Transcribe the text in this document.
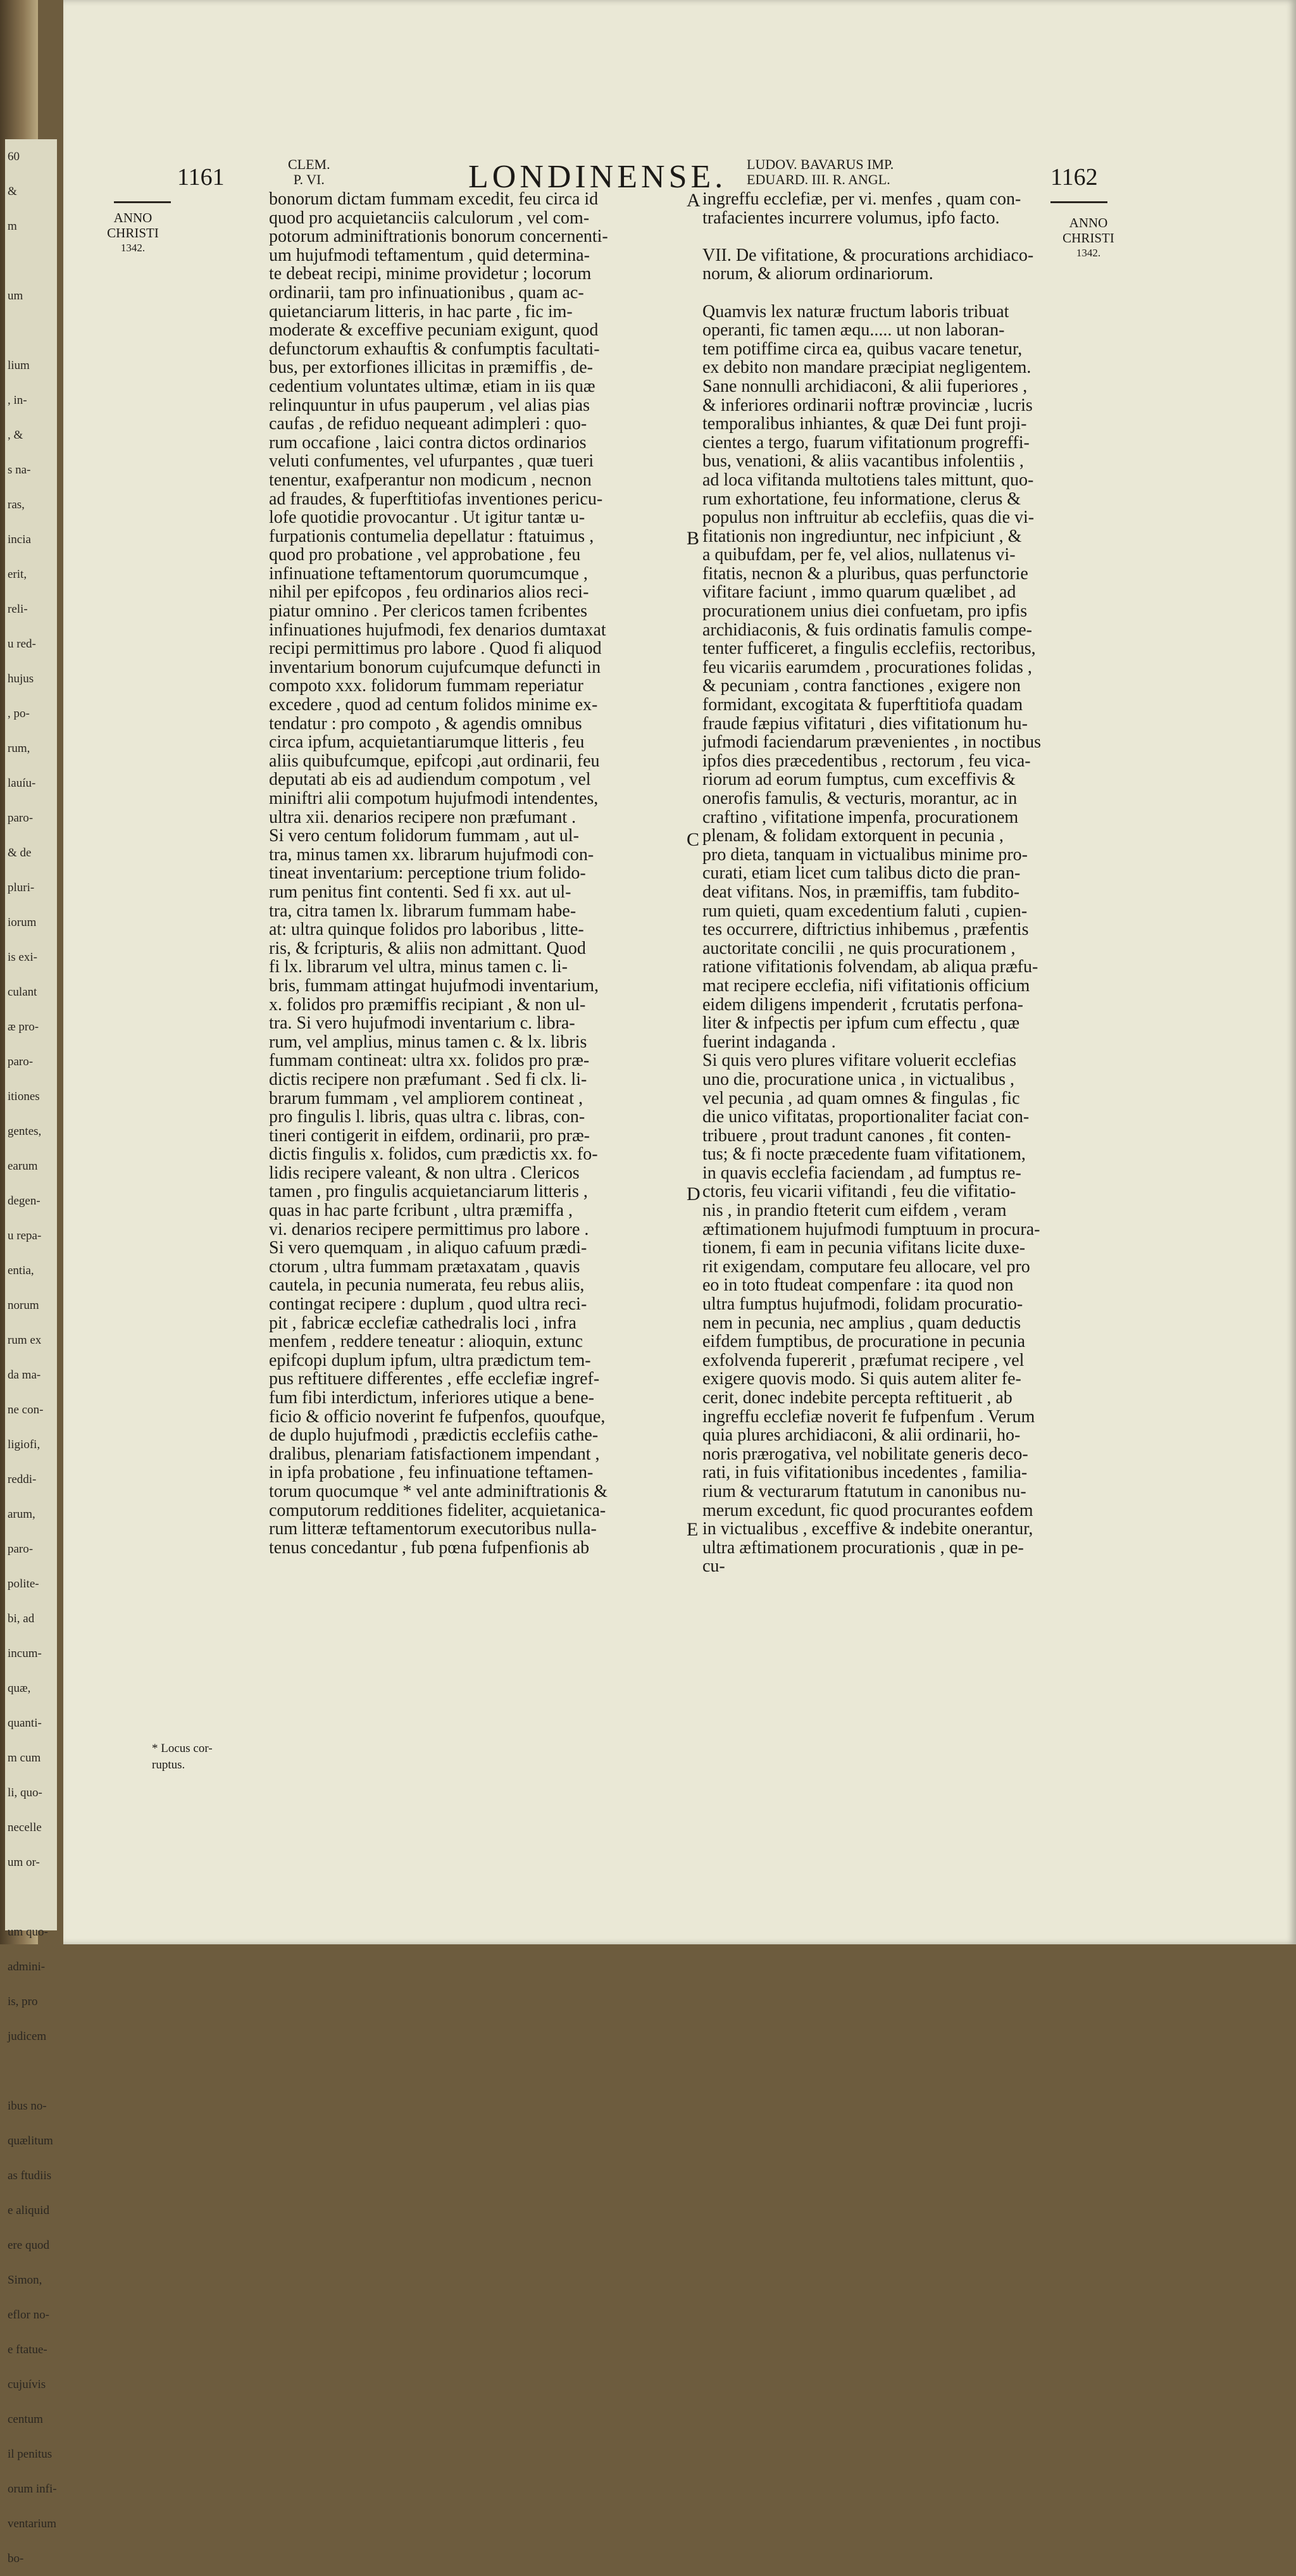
60
&
m

um

lium
, in-
, &
s na-
ras,
incia
erit,
reli-
u red-
hujus
, po-
rum,
lauíu-
paro-
& de
pluri-
iorum
is exi-
culant
æ pro-
paro-
itiones
gentes,
earum
degen-
u repa-
entia,
norum
rum ex
da ma-
ne con-
ligiofi,
reddi-
arum,
paro-
polite-
bi, ad
incum-
quæ,
quanti-
m cum
li, quo-
necelle
um or-

um quo-
admini-
is, pro
judicem

ibus no-
quælitum
as ftudiis
e aliquid
ere quod
Simon,
eflor no-
e ftatue-
cujuívis
centum
il penitus
orum infi-
ventarium
bo-
1161	CLEM.
P. VI.	LONDINENSE. LUDOV. BAVARUS IMP.
EDUARD. III. R. ANGL.	1162
ANNO
CHRISTI
1342.
ANNO
CHRISTI
1342.
bonorum dictam fummam excedit, feu circa id
quod pro acquietanciis calculorum , vel com-
potorum adminiftrationis bonorum concernenti-
um hujufmodi teftamentum , quid determina-
te debeat recipi, minime providetur ; locorum
ordinarii, tam pro infinuationibus , quam ac-
quietanciarum litteris, in hac parte , fic im-
moderate & exceffive pecuniam exigunt, quod
defunctorum exhauftis & confumptis facultati-
bus, per extorfiones illicitas in præmiffis , de-
cedentium voluntates ultimæ, etiam in iis quæ
relinquuntur in ufus pauperum , vel alias pias
caufas , de refiduo nequeant adimpleri : quo-
rum occafione , laici contra dictos ordinarios
veluti confumentes, vel ufurpantes , quæ tueri
tenentur, exafperantur non modicum , necnon
ad fraudes, & fuperftitiofas inventiones pericu-
lofe quotidie provocantur . Ut igitur tantæ u-
furpationis contumelia depellatur : ftatuimus ,
quod pro probatione , vel approbatione , feu
infinuatione teftamentorum quorumcumque ,
nihil per epifcopos , feu ordinarios alios reci-
piatur omnino . Per clericos tamen fcribentes
infinuationes hujufmodi, fex denarios dumtaxat
recipi permittimus pro labore . Quod fi aliquod
inventarium bonorum cujufcumque defuncti in
compoto xxx. folidorum fummam reperiatur
excedere , quod ad centum folidos minime ex-
tendatur : pro compoto , & agendis omnibus
circa ipfum, acquietantiarumque litteris , feu
aliis quibufcumque, epifcopi ,aut ordinarii, feu
deputati ab eis ad audiendum compotum , vel
miniftri alii compotum hujufmodi intendentes,
ultra xii. denarios recipere non præfumant .
Si vero centum folidorum fummam , aut ul-
tra, minus tamen xx. librarum hujufmodi con-
tineat inventarium: perceptione trium folido-
rum penitus fint contenti. Sed fi xx. aut ul-
tra, citra tamen lx. librarum fummam habe-
at: ultra quinque folidos pro laboribus , litte-
ris, & fcripturis, & aliis non admittant. Quod
fi lx. librarum vel ultra, minus tamen c. li-
bris, fummam attingat hujufmodi inventarium,
x. folidos pro præmiffis recipiant , & non ul-
tra. Si vero hujufmodi inventarium c. libra-
rum, vel amplius, minus tamen c. & lx. libris
fummam contineat: ultra xx. folidos pro præ-
dictis recipere non præfumant . Sed fi clx. li-
brarum fummam , vel ampliorem contineat ,
pro fingulis l. libris, quas ultra c. libras, con-
tineri contigerit in eifdem, ordinarii, pro præ-
dictis fingulis x. folidos, cum prædictis xx. fo-
lidis recipere valeant, & non ultra . Clericos
tamen , pro fingulis acquietanciarum litteris ,
quas in hac parte fcribunt , ultra præmiffa ,
vi. denarios recipere permittimus pro labore .
Si vero quemquam , in aliquo cafuum prædi-
ctorum , ultra fummam prætaxatam , quavis
cautela, in pecunia numerata, feu rebus aliis,
contingat recipere : duplum , quod ultra reci-
pit , fabricæ ecclefiæ cathedralis loci , infra
menfem , reddere teneatur : alioquin, extunc
epifcopi duplum ipfum, ultra prædictum tem-
pus reftituere differentes , effe ecclefiæ ingref-
fum fibi interdictum, inferiores utique a bene-
ficio & officio noverint fe fufpenfos, quoufque,
de duplo hujufmodi , prædictis ecclefiis cathe-
dralibus, plenariam fatisfactionem impendant ,
in ipfa probatione , feu infinuatione teftamen-
torum quocumque * vel ante adminiftrationis &
computorum redditiones fideliter, acquietanica-
rum litteræ teftamentorum executoribus nulla-
tenus concedantur , fub pœna fufpenfionis ab
ingreffu ecclefiæ, per vi. menfes , quam con-
trafacientes incurrere volumus, ipfo facto.

VII. De vifitatione, & procurations archidiaco-
norum, & aliorum ordinariorum.

Quamvis lex naturæ fructum laboris tribuat
operanti, fic tamen æqu..... ut non laboran-
tem potiffime circa ea, quibus vacare tenetur,
ex debito non mandare præcipiat negligentem.
Sane nonnulli archidiaconi, & alii fuperiores ,
& inferiores ordinarii noftræ provinciæ , lucris
temporalibus inhiantes, & quæ Dei funt proji-
cientes a tergo, fuarum vifitationum progreffi-
bus, venationi, & aliis vacantibus infolentiis ,
ad loca vifitanda multotiens tales mittunt, quo-
rum exhortatione, feu informatione, clerus &
populus non inftruitur ab ecclefiis, quas die vi-
fitationis non ingrediuntur, nec infpiciunt , &
a quibufdam, per fe, vel alios, nullatenus vi-
fitatis, necnon & a pluribus, quas perfunctorie
vifitare faciunt , immo quarum quælibet , ad
procurationem unius diei confuetam, pro ipfis
archidiaconis, & fuis ordinatis famulis compe-
tenter fufficeret, a fingulis ecclefiis, rectoribus,
feu vicariis earumdem , procurationes folidas ,
& pecuniam , contra fanctiones , exigere non
formidant, excogitata & fuperftitiofa quadam
fraude fæpius vifitaturi , dies vifitationum hu-
jufmodi faciendarum prævenientes , in noctibus
ipfos dies præcedentibus , rectorum , feu vica-
riorum ad eorum fumptus, cum exceffivis &
onerofis famulis, & vecturis, morantur, ac in
craftino , vifitatione impenfa, procurationem
plenam, & folidam extorquent in pecunia ,
pro dieta, tanquam in victualibus minime pro-
curati, etiam licet cum talibus dicto die pran-
deat vifitans. Nos, in præmiffis, tam fubdito-
rum quieti, quam excedentium faluti , cupien-
tes occurrere, diftrictius inhibemus , præfentis
auctoritate concilii , ne quis procurationem ,
ratione vifitationis folvendam, ab aliqua præfu-
mat recipere ecclefia, nifi vifitationis officium
eidem diligens impenderit , fcrutatis perfona-
liter & infpectis per ipfum cum effectu , quæ
fuerint indaganda .
Si quis vero plures vifitare voluerit ecclefias
uno die, procuratione unica , in victualibus ,
vel pecunia , ad quam omnes & fingulas , fic
die unico vifitatas, proportionaliter faciat con-
tribuere , prout tradunt canones , fit conten-
tus; & fi nocte præcedente fuam vifitationem,
in quavis ecclefia faciendam , ad fumptus re-
ctoris, feu vicarii vifitandi , feu die vifitatio-
nis , in prandio fteterit cum eifdem , veram
æftimationem hujufmodi fumptuum in procura-
tionem, fi eam in pecunia vifitans licite duxe-
rit exigendam, computare feu allocare, vel pro
eo in toto ftudeat compenfare : ita quod non
ultra fumptus hujufmodi, folidam procuratio-
nem in pecunia, nec amplius , quam deductis
eifdem fumptibus, de procuratione in pecunia
exfolvenda fupererit , præfumat recipere , vel
exigere quovis modo. Si quis autem aliter fe-
cerit, donec indebite percepta reftituerit , ab
ingreffu ecclefiæ noverit fe fufpenfum . Verum
quia plures archidiaconi, & alii ordinarii, ho-
noris prærogativa, vel nobilitate generis deco-
rati, in fuis vifitationibus incedentes , familia-
rium & vecturarum ftatutum in canonibus nu-
merum excedunt, fic quod procurantes eofdem
in victualibus , exceffive & indebite onerantur,
ultra æftimationem procurationis , quæ in pe-
cu-
A
B
C
D
E
* Locus cor-
ruptus.
